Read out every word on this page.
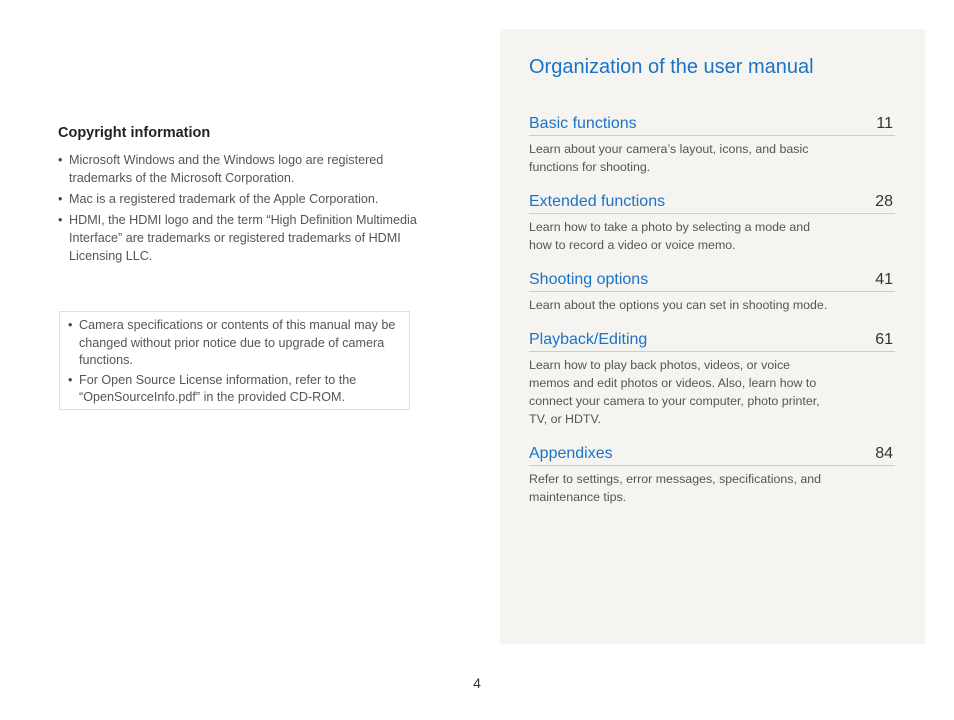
Copyright information
• Microsoft Windows and the Windows logo are registered trademarks of the Microsoft Corporation.
• Mac is a registered trademark of the Apple Corporation.
• HDMI, the HDMI logo and the term “High Definition Multimedia Interface” are trademarks or registered trademarks of HDMI Licensing LLC.
• Camera specifications or contents of this manual may be changed without prior notice due to upgrade of camera functions.
• For Open Source License information, refer to the “OpenSourceInfo.pdf” in the provided CD-ROM.
Organization of the user manual
Basic functions	11

Learn about your camera’s layout, icons, and basic functions for shooting.

Extended functions	28

Learn how to take a photo by selecting a mode and how to record a video or voice memo.

Shooting options	41

Learn about the options you can set in shooting mode.

Playback/Editing	61

Learn how to play back photos, videos, or voice memos and edit photos or videos. Also, learn how to connect your camera to your computer, photo printer, TV, or HDTV.

Appendixes	84

Refer to settings, error messages, specifications, and maintenance tips.

4
